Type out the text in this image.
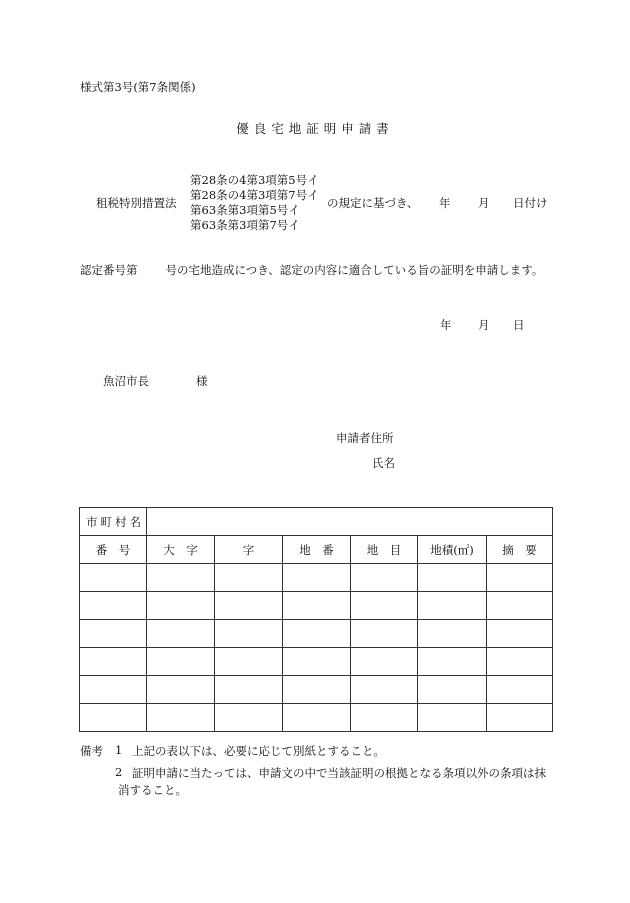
様式第3号(第7条関係)
優良宅地証明申請書
租税特別措置法
第28条の4第3項第5号イ
第28条の4第3項第7号イ
第63条第3項第5号イ
第63条第3項第7号イ
の規定に基づき、 年 月 日付け
認定番号第 号の宅地造成につき、認定の内容に適合している旨の証明を申請します。
年 月 日
魚沼市長	様
申請者住所
氏名
市町村名						
番　号	大　字	字	地　番	地　目	地積(㎡)	摘　要

備考 1 上記の表以下は、必要に応じて別紙とすること。
2 証明申請に当たっては、申請文の中で当該証明の根拠となる条項以外の条項は抹
消すること。
